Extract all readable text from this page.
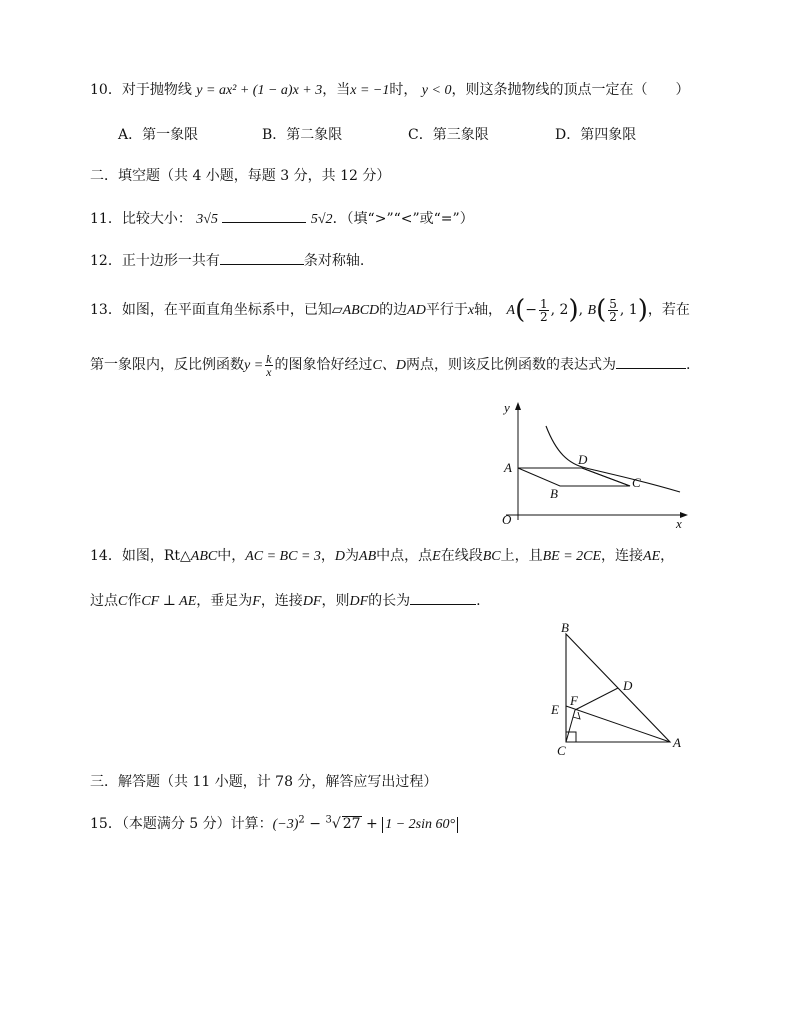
10．对于抛物线 y = ax² + (1 − a)x + 3，当x = −1时， y < 0，则这条抛物线的顶点一定在（　　）
A．第一象限	B．第二象限	C．第三象限	D．第四象限
二．填空题（共 4 小题，每题 3 分，共 12 分）
11．比较大小： 3√5	5√2．（填“>”“<”或“=”）
12．正十边形一共有	条对称轴.
13．如图，在平面直角坐标系中，已知▱ABCD的边AD平行于x轴， $A(- \frac{1}{2}$ , 2), $B( \frac{5}{2}$ , 1)，若在
第一象限内，反比例函数$y = \frac{k}{x}$ 的图象恰好经过C、D两点，则该反比例函数的表达式为	.
A
B
C
D
y
x
O
14．如图，Rt△ABC中，AC = BC = 3，D为AB中点，点E在线段BC上，且BE = 2CE，连接AE，
过点C作CF ⊥ AE，垂足为F，连接DF，则DF的长为	.
B
C
A
D
E
F
三．解答题（共 11 小题，计 78 分，解答应写出过程）
15．（本题满分 5 分）计算：$(-3)^2 - ^3√$ 27 + 1 − 2sin 60°
